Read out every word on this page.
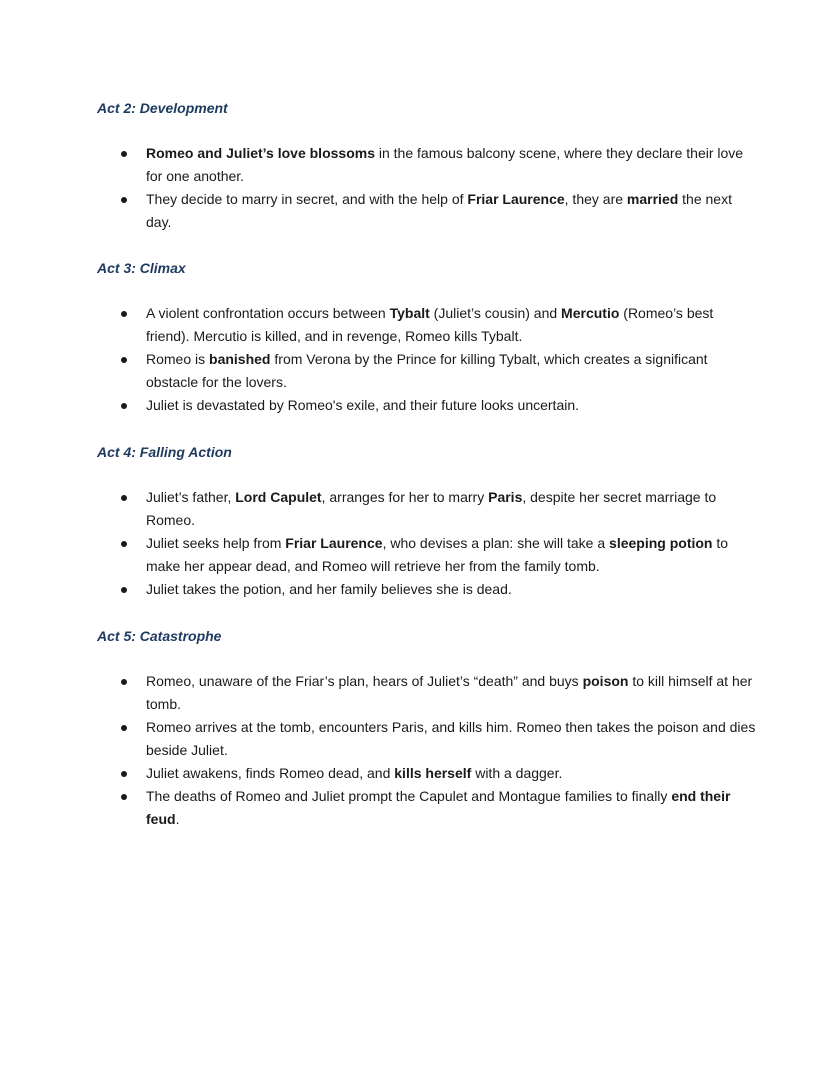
Act 2: Development
Romeo and Juliet’s love blossoms in the famous balcony scene, where they declare their love for one another.
They decide to marry in secret, and with the help of Friar Laurence, they are married the next day.
Act 3: Climax
A violent confrontation occurs between Tybalt (Juliet’s cousin) and Mercutio (Romeo’s best friend). Mercutio is killed, and in revenge, Romeo kills Tybalt.
Romeo is banished from Verona by the Prince for killing Tybalt, which creates a significant obstacle for the lovers.
Juliet is devastated by Romeo's exile, and their future looks uncertain.
Act 4: Falling Action
Juliet’s father, Lord Capulet, arranges for her to marry Paris, despite her secret marriage to Romeo.
Juliet seeks help from Friar Laurence, who devises a plan: she will take a sleeping potion to make her appear dead, and Romeo will retrieve her from the family tomb.
Juliet takes the potion, and her family believes she is dead.
Act 5: Catastrophe
Romeo, unaware of the Friar’s plan, hears of Juliet’s “death” and buys poison to kill himself at her tomb.
Romeo arrives at the tomb, encounters Paris, and kills him. Romeo then takes the poison and dies beside Juliet.
Juliet awakens, finds Romeo dead, and kills herself with a dagger.
The deaths of Romeo and Juliet prompt the Capulet and Montague families to finally end their feud.
